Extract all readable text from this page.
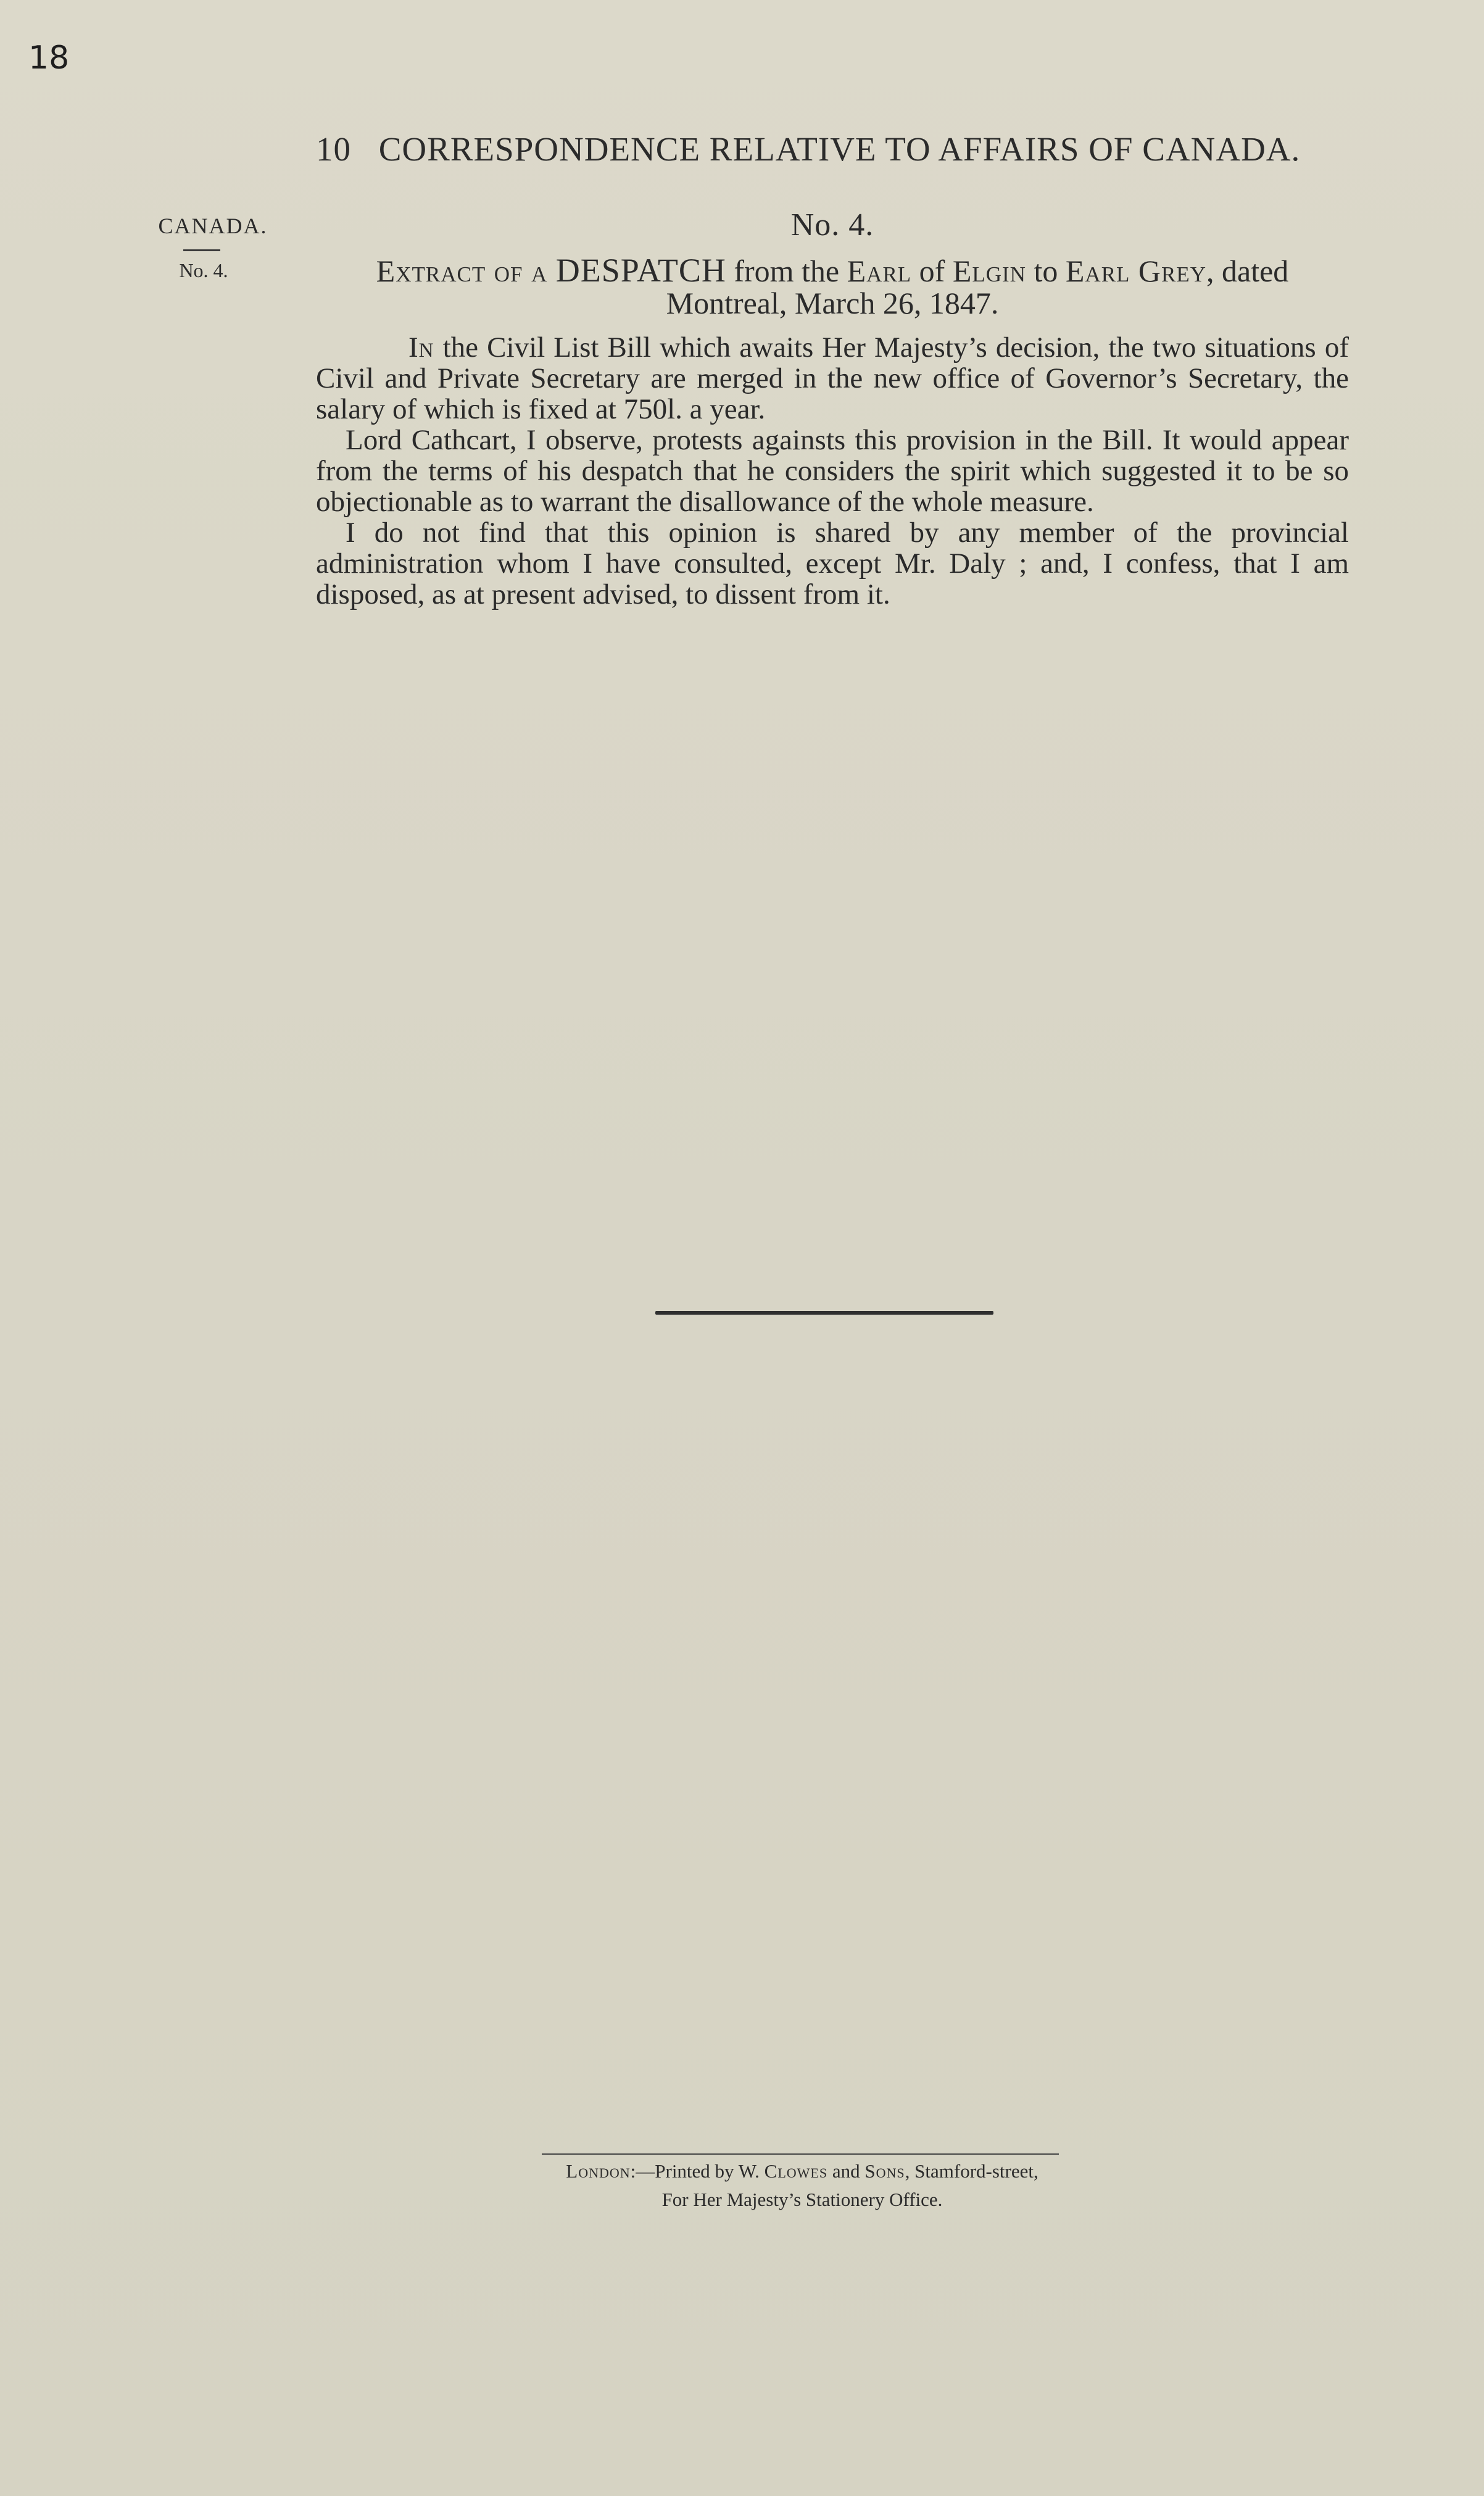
18
10 CORRESPONDENCE RELATIVE TO AFFAIRS OF CANADA.
CANADA.
No. 4.
No. 4.
Extract of a DESPATCH from the Earl of Elgin to Earl Grey, dated
Montreal, March 26, 1847.

In the Civil List Bill which awaits Her Majesty’s decision, the two situations of Civil and Private Secretary are merged in the new office of Governor’s Secretary, the salary of which is fixed at 750l. a year.

Lord Cathcart, I observe, protests againsts this provision in the Bill. It would appear from the terms of his despatch that he considers the spirit which suggested it to be so objectionable as to warrant the disallowance of the whole measure.

I do not find that this opinion is shared by any member of the provincial administration whom I have consulted, except Mr. Daly ; and, I confess, that I am disposed, as at present advised, to dissent from it.

London:—Printed by W. Clowes and Sons, Stamford-street,
For Her Majesty’s Stationery Office.
